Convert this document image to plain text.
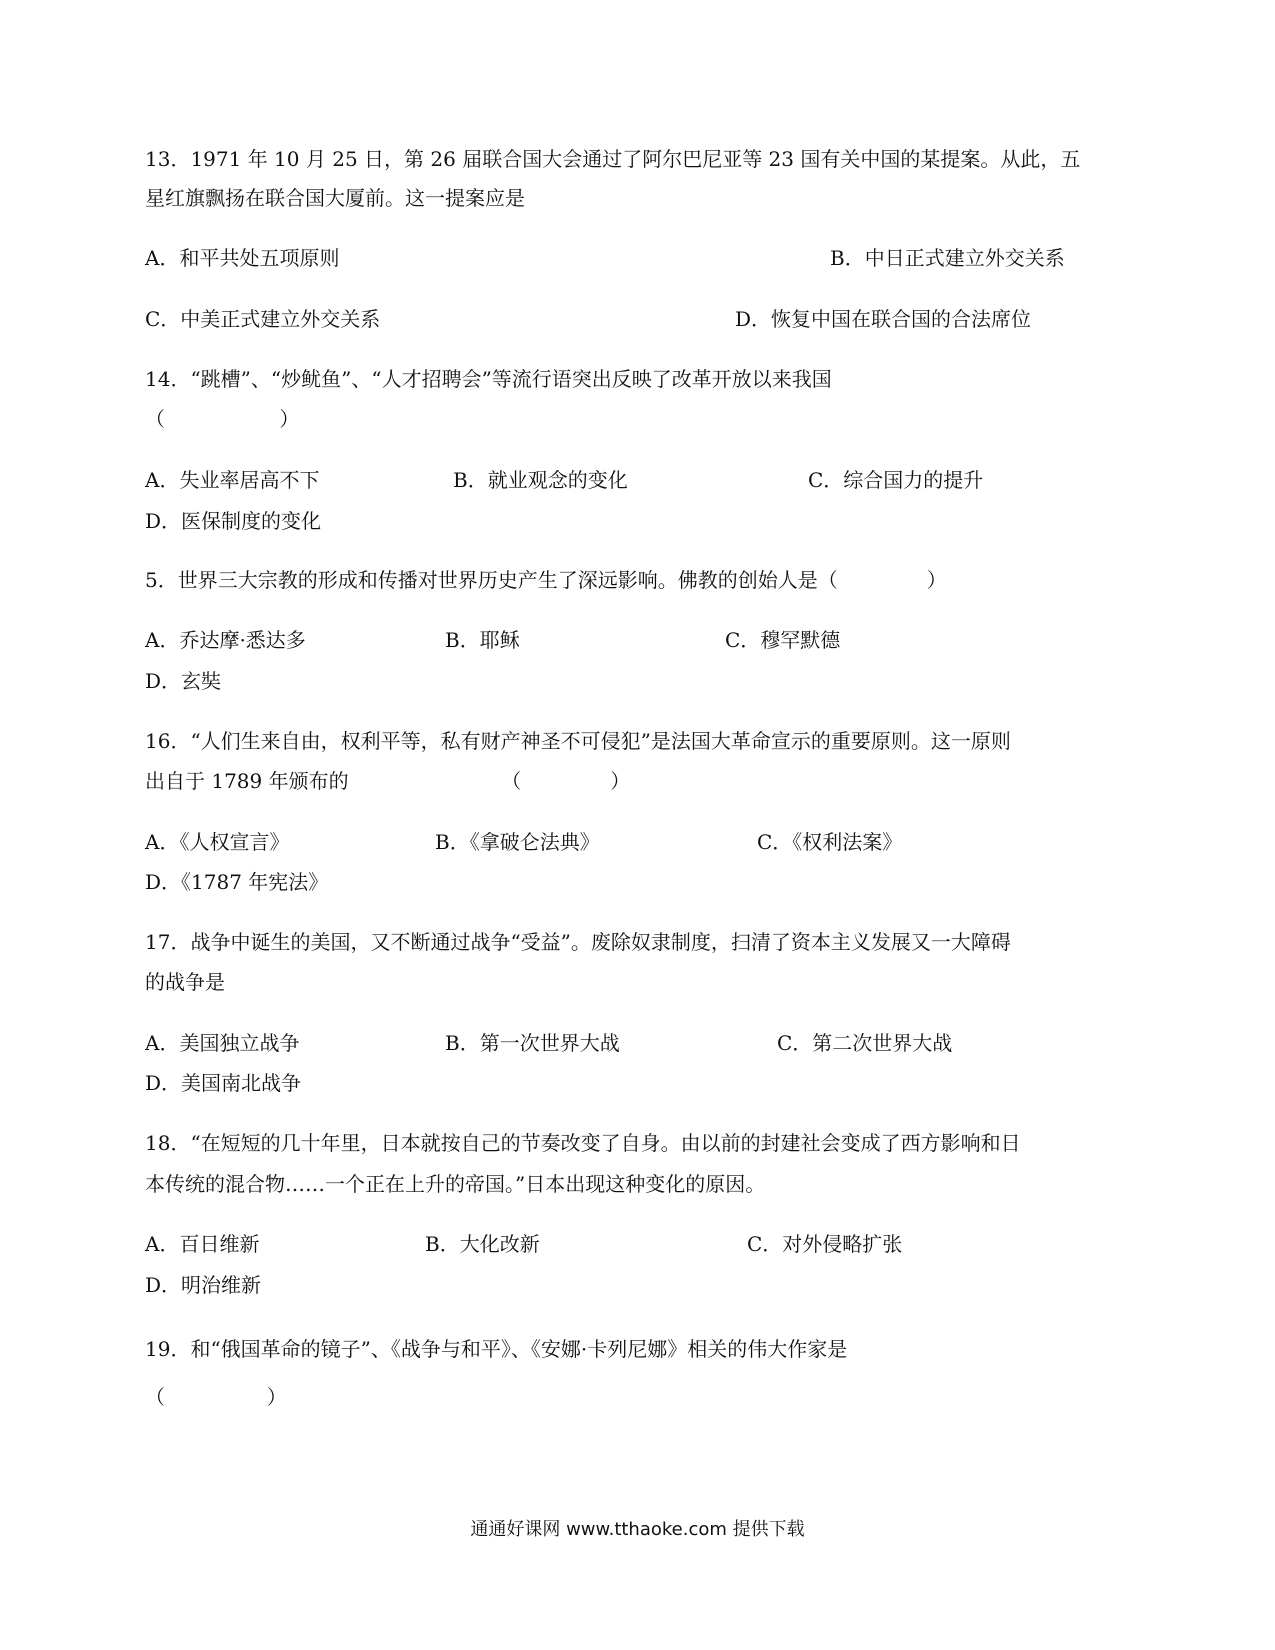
13．1971 年 10 月 25 日，第 26 届联合国大会通过了阿尔巴尼亚等 23 国有关中国的某提案。从此，五
星红旗飘扬在联合国大厦前。这一提案应是
A．和平共处五项原则	B．中日正式建立外交关系
C．中美正式建立外交关系	D．恢复中国在联合国的合法席位
14．“跳槽”、“炒鱿鱼”、“人才招聘会”等流行语突出反映了改革开放以来我国
（                  ）
A．失业率居高不下	B．就业观念的变化	C．综合国力的提升
D．医保制度的变化
5．世界三大宗教的形成和传播对世界历史产生了深远影响。佛教的创始人是（              ）
A．乔达摩·悉达多	B．耶稣	C．穆罕默德
D．玄奘
16．“人们生来自由，权利平等，私有财产神圣不可侵犯”是法国大革命宣示的重要原则。这一原则
出自于 1789 年颁布的                        （              ）
A．《人权宣言》	B．《拿破仑法典》	C．《权利法案》
D．《1787 年宪法》
17．战争中诞生的美国，又不断通过战争“受益”。废除奴隶制度，扫清了资本主义发展又一大障碍
的战争是
A．美国独立战争	B．第一次世界大战	C．第二次世界大战
D．美国南北战争
18．“在短短的几十年里，日本就按自己的节奏改变了自身。由以前的封建社会变成了西方影响和日
本传统的混合物……一个正在上升的帝国。”日本出现这种变化的原因。
A．百日维新	B．大化改新	C．对外侵略扩张
D．明治维新
19．和“俄国革命的镜子”、《战争与和平》、《安娜·卡列尼娜》相关的伟大作家是
（                ）
通通好课网 www.tthaoke.com 提供下载
